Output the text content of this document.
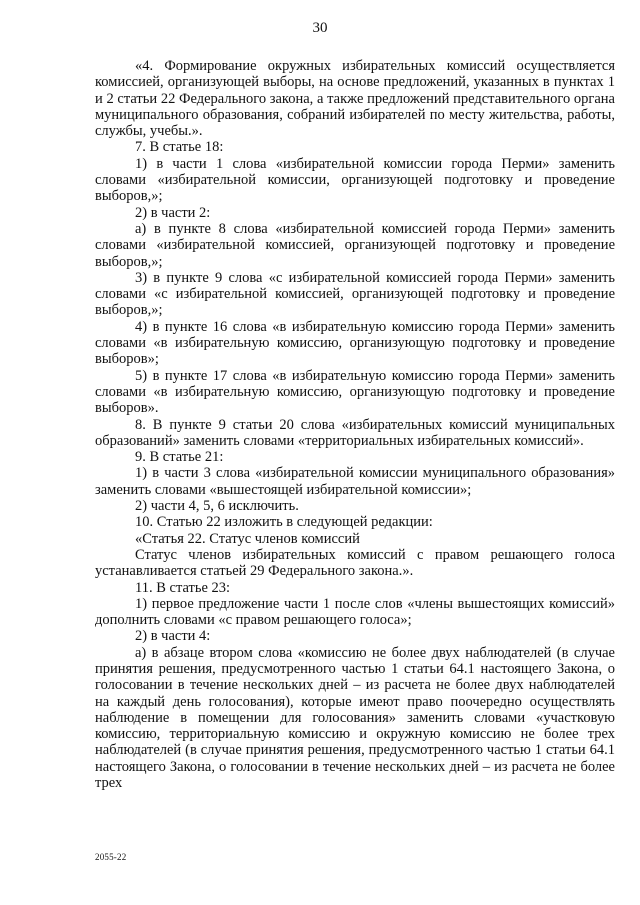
30

«4. Формирование окружных избирательных комиссий осуществляется комиссией, организующей выборы, на основе предложений, указанных в пунктах 1 и 2 статьи 22 Федерального закона, а также предложений представительного органа муниципального образования, собраний избирателей по месту жительства, работы, службы, учебы.».

7. В статье 18:

1) в части 1 слова «избирательной комиссии города Перми» заменить словами «избирательной комиссии, организующей подготовку и проведение выборов,»;

2) в части 2:

а) в пункте 8 слова «избирательной комиссией города Перми» заменить словами «избирательной комиссией, организующей подготовку и проведение выборов,»;

3) в пункте 9 слова «с избирательной комиссией города Перми» заменить словами «с избирательной комиссией, организующей подготовку и проведение выборов,»;

4) в пункте 16 слова «в избирательную комиссию города Перми» заменить словами «в избирательную комиссию, организующую подготовку и проведение выборов»;

5) в пункте 17 слова «в избирательную комиссию города Перми» заменить словами «в избирательную комиссию, организующую подготовку и проведение выборов».

8. В пункте 9 статьи 20 слова «избирательных комиссий муниципальных образований» заменить словами «территориальных избирательных комиссий».

9. В статье 21:

1) в части 3 слова «избирательной комиссии муниципального образования» заменить словами «вышестоящей избирательной комиссии»;

2) части 4, 5, 6 исключить.

10. Статью 22 изложить в следующей редакции:

«Статья 22. Статус членов комиссий

Статус членов избирательных комиссий с правом решающего голоса устанавливается статьей 29 Федерального закона.».

11. В статье 23:

1) первое предложение части 1 после слов «члены вышестоящих комиссий» дополнить словами «с правом решающего голоса»;

2) в части 4:

а) в абзаце втором слова «комиссию не более двух наблюдателей (в случае принятия решения, предусмотренного частью 1 статьи 64.1 настоящего Закона, о голосовании в течение нескольких дней – из расчета не более двух наблюдателей на каждый день голосования), которые имеют право поочередно осуществлять наблюдение в помещении для голосования» заменить словами «участковую комиссию, территориальную комиссию и окружную комиссию не более трех наблюдателей (в случае принятия решения, предусмотренного частью 1 статьи 64.1 настоящего Закона, о голосовании в течение нескольких дней – из расчета не более трех

2055-22
